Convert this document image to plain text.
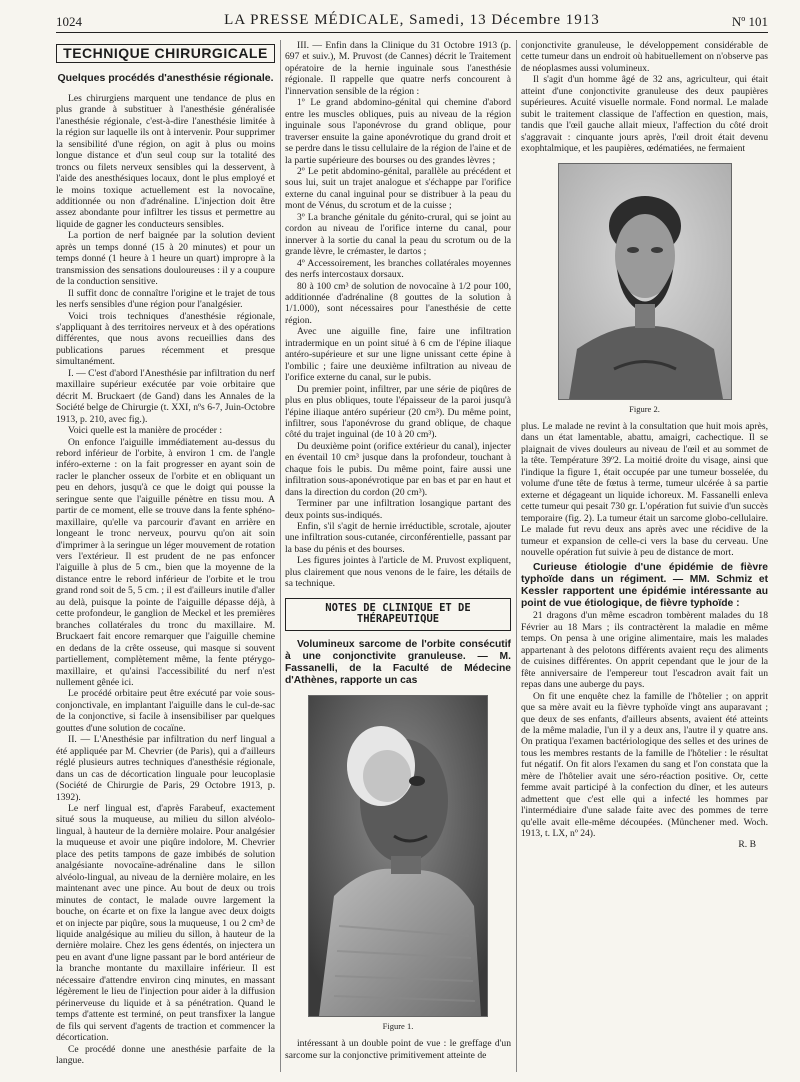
1024	LA PRESSE MÉDICALE, Samedi, 13 Décembre 1913	Nº 101
TECHNIQUE CHIRURGICALE
Quelques procédés d'anesthésie régionale.

Les chirurgiens marquent une tendance de plus en plus grande à substituer à l'anesthésie généralisée l'anesthésie régionale, c'est-à-dire l'anesthésie limitée à la région sur laquelle ils ont à intervenir. Pour supprimer la sensibilité d'une région, on agit à plus ou moins longue distance et d'un seul coup sur la totalité des troncs ou filets nerveux sensibles qui la desservent, à l'aide des anesthésiques locaux, dont le plus employé et le moins toxique actuellement est la novocaïne, additionnée ou non d'adrénaline. L'injection doit être assez abondante pour infiltrer les tissus et permettre au liquide de gagner les conducteurs sensibles.

La portion de nerf baignée par la solution devient après un temps donné (15 à 20 minutes) et pour un temps donné (1 heure à 1 heure un quart) impropre à la transmission des sensations douloureuses : il y a coupure de la conduction sensitive.

Il suffit donc de connaître l'origine et le trajet de tous les nerfs sensibles d'une région pour l'analgésier.

Voici trois techniques d'anesthésie régionale, s'appliquant à des territoires nerveux et à des opérations différentes, que nous avons recueillies dans des publications parues récemment et presque simultanément.

I. — C'est d'abord l'Anesthésie par infiltration du nerf maxillaire supérieur exécutée par voie orbitaire que décrit M. Bruckaert (de Gand) dans les Annales de la Société belge de Chirurgie (t. XXI, nºs 6-7, Juin-Octobre 1913, p. 210, avec fig.).

Voici quelle est la manière de procéder :

On enfonce l'aiguille immédiatement au-dessus du rebord inférieur de l'orbite, à environ 1 cm. de l'angle inféro-externe : on la fait progresser en ayant soin de racler le plancher osseux de l'orbite et en obliquant un peu en dehors, jusqu'à ce que le doigt qui pousse la seringue sente que l'aiguille pénètre en tissu mou. A partir de ce moment, elle se trouve dans la fente sphéno-maxillaire, qu'elle va parcourir d'avant en arrière en longeant le tronc nerveux, pourvu qu'on ait soin d'imprimer à la seringue un léger mouvement de rotation vers l'extérieur. Il est prudent de ne pas enfoncer l'aiguille à plus de 5 cm., bien que la moyenne de la distance entre le rebord inférieur de l'orbite et le trou grand rond soit de 5, 5 cm. ; il est d'ailleurs inutile d'aller au delà, puisque la pointe de l'aiguille dépasse déjà, à cette profondeur, le ganglion de Meckel et les premières branches collatérales du tronc du maxillaire. M. Bruckaert fait encore remarquer que l'aiguille chemine en dedans de la crête osseuse, qui masque si souvent partiellement, complètement même, la fente ptérygo-maxillaire, et qu'ainsi l'accessibilité du nerf n'est nullement gênée ici.

Le procédé orbitaire peut être exécuté par voie sous-conjonctivale, en implantant l'aiguille dans le cul-de-sac de la conjonctive, si facile à insensibiliser par quelques gouttes d'une solution de cocaïne.

II. — L'Anesthésie par infiltration du nerf lingual a été appliquée par M. Chevrier (de Paris), qui a d'ailleurs réglé plusieurs autres techniques d'anesthésie régionale, dans un cas de décortication linguale pour leucoplasie (Société de Chirurgie de Paris, 29 Octobre 1913, p. 1392).

Le nerf lingual est, d'après Farabeuf, exactement situé sous la muqueuse, au milieu du sillon alvéolo-lingual, à hauteur de la dernière molaire. Pour analgésier la muqueuse et avoir une piqûre indolore, M. Chevrier place des petits tampons de gaze imbibés de solution analgésiante novocaïne-adrénaline dans le sillon alvéolo-lingual, au niveau de la dernière molaire, en les maintenant avec une pince. Au bout de deux ou trois minutes de contact, le malade ouvre largement la bouche, on écarte et on fixe la langue avec deux doigts et on injecte par piqûre, sous la muqueuse, 1 ou 2 cm³ de liquide analgésique au milieu du sillon, à hauteur de la dernière molaire. Chez les gens édentés, on injectera un peu en avant d'une ligne passant par le bord antérieur de la branche montante du maxillaire inférieur. Il est nécessaire d'attendre environ cinq minutes, en massant légèrement le lieu de l'injection pour aider à la diffusion périnerveuse du liquide et à sa pénétration. Quand le temps d'attente est terminé, on peut transfixer la langue de fils qui servent d'agents de traction et commencer la décortication.

Ce procédé donne une anesthésie parfaite de la langue.

III. — Enfin dans la Clinique du 31 Octobre 1913 (p. 697 et suiv.), M. Pruvost (de Cannes) décrit le Traitement opératoire de la hernie inguinale sous l'anesthésie régionale. Il rappelle que quatre nerfs concourent à l'innervation sensible de la région :

1º Le grand abdomino-génital qui chemine d'abord entre les muscles obliques, puis au niveau de la région inguinale sous l'aponévrose du grand oblique, pour traverser ensuite la gaine aponévrotique du grand droit et se perdre dans le tissu cellulaire de la région de l'aine et de la partie supérieure des bourses ou des grandes lèvres ;

2º Le petit abdomino-génital, parallèle au précédent et sous lui, suit un trajet analogue et s'échappe par l'orifice externe du canal inguinal pour se distribuer à la peau du mont de Vénus, du scrotum et de la cuisse ;

3º La branche génitale du génito-crural, qui se joint au cordon au niveau de l'orifice interne du canal, pour innerver à la sortie du canal la peau du scrotum ou de la grande lèvre, le crémaster, le dartos ;

4º Accessoirement, les branches collatérales moyennes des nerfs intercostaux dorsaux.

80 à 100 cm³ de solution de novocaïne à 1/2 pour 100, additionnée d'adrénaline (8 gouttes de la solution à 1/1.000), sont nécessaires pour l'anesthésie de cette région.

Avec une aiguille fine, faire une infiltration intradermique en un point situé à 6 cm de l'épine iliaque antéro-supérieure et sur une ligne unissant cette épine à l'ombilic ; faire une deuxième infiltration au niveau de l'orifice externe du canal, sur le pubis.

Du premier point, infiltrer, par une série de piqûres de plus en plus obliques, toute l'épaisseur de la paroi jusqu'à l'épine iliaque antéro supérieur (20 cm³). Du même point, infiltrer, sous l'aponévrose du grand oblique, de chaque côté du trajet inguinal (de 10 à 20 cm³).

Du deuxième point (orifice extérieur du canal), injecter en éventail 10 cm³ jusque dans la profondeur, touchant à chaque fois le pubis. Du même point, faire aussi une infiltration sous-aponévrotique par en bas et par en haut et dans la direction du cordon (20 cm³).

Terminer par une infiltration losangique partant des deux points sus-indiqués.

Enfin, s'il s'agit de hernie irréductible, scrotale, ajouter une infiltration sous-cutanée, circonférentielle, passant par la base du pénis et des bourses.

Les figures jointes à l'article de M. Pruvost expliquent, plus clairement que nous venons de le faire, les détails de sa technique.

NOTES DE CLINIQUE ET DE THÉRAPEUTIQUE

Volumineux sarcome de l'orbite consécutif à une conjonctivite granuleuse. — M. Fassanelli, de la Faculté de Médecine d'Athènes, rapporte un cas

Figure 1.

intéressant à un double point de vue : le greffage d'un sarcome sur la conjonctive primitivement atteinte de

conjonctivite granuleuse, le développement considérable de cette tumeur dans un endroit où habituellement on n'observe pas de néoplasmes aussi volumineux.

Il s'agit d'un homme âgé de 32 ans, agriculteur, qui était atteint d'une conjonctivite granuleuse des deux paupières supérieures. Acuité visuelle normale. Fond normal. Le malade subit le traitement classique de l'affection en question, mais, tandis que l'œil gauche allait mieux, l'affection du côté droit s'aggravait : cinquante jours après, l'œil droit était devenu exophtalmique, et les paupières, œdématiées, ne fermaient

Figure 2.

plus. Le malade ne revint à la consultation que huit mois après, dans un état lamentable, abattu, amaigri, cachectique. Il se plaignait de vives douleurs au niveau de l'œil et au sommet de la tête. Température 39º2. La moitié droite du visage, ainsi que l'indique la figure 1, était occupée par une tumeur bosselée, du volume d'une tête de fœtus à terme, tumeur ulcérée à sa partie externe et dégageant un liquide ichoreux. M. Fassanelli enleva cette tumeur qui pesait 730 gr. L'opération fut suivie d'un succès temporaire (fig. 2). La tumeur était un sarcome globo-cellulaire. Le malade fut revu deux ans après avec une récidive de la tumeur et expansion de celle-ci vers la base du cerveau. Une nouvelle opération fut suivie à peu de distance de mort.

Curieuse étiologie d'une épidémie de fièvre typhoïde dans un régiment. — MM. Schmiz et Kessler rapportent une épidémie intéressante au point de vue étiologique, de fièvre typhoïde :

21 dragons d'un même escadron tombèrent malades du 18 Février au 18 Mars ; ils contractèrent la maladie en même temps. On pensa à une origine alimentaire, mais les malades appartenant à des pelotons différents avaient reçu des aliments de cuisines différentes. On apprit cependant que le jour de la fête anniversaire de l'empereur tout l'escadron avait fait un repas dans une auberge du pays.

On fit une enquête chez la famille de l'hôtelier ; on apprit que sa mère avait eu la fièvre typhoïde vingt ans auparavant ; que deux de ses enfants, d'ailleurs absents, avaient été atteints de la même maladie, l'un il y a deux ans, l'autre il y quatre ans. On pratiqua l'examen bactériologique des selles et des urines de tous les membres restants de la famille de l'hôtelier : le résultat fut négatif. On fit alors l'examen du sang et l'on constata que la mère de l'hôtelier avait une séro-réaction positive. Or, cette femme avait participé à la confection du dîner, et les auteurs admettent que c'est elle qui a infecté les hommes par l'intermédiaire d'une salade faite avec des pommes de terre qu'elle avait elle-même découpées. (Münchener med. Woch. 1913, t. LX, nº 24).

R. B
